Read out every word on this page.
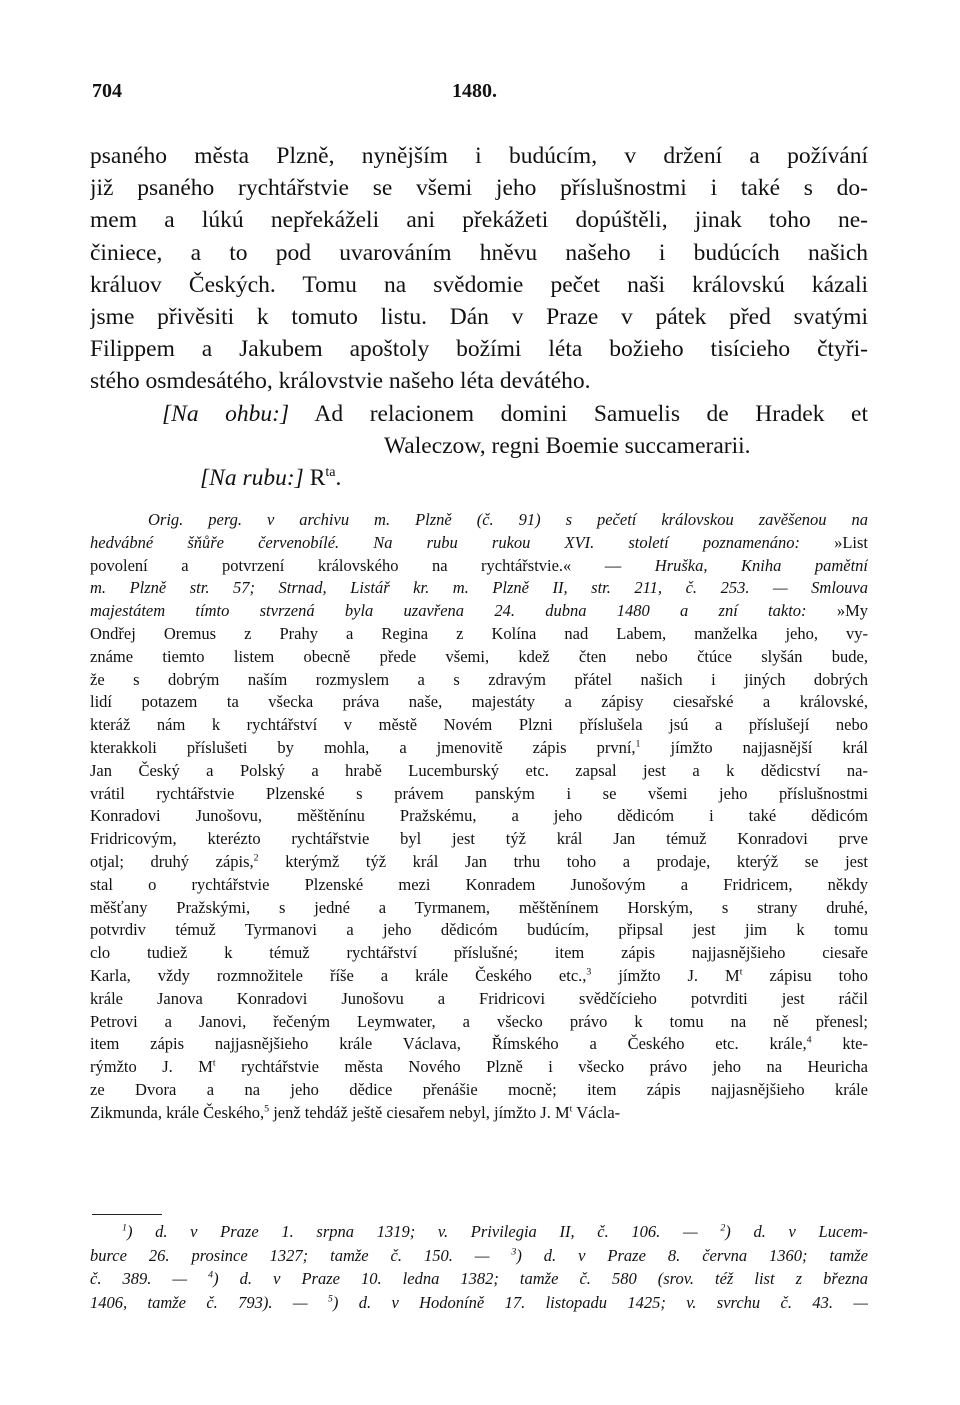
704	1480.
psaného města Plzně, nynějším i budúcím, v držení a požívání
již psaného rychtářstvie se všemi jeho příslušnostmi i také s do-
mem a lúkú nepřekáželi ani překážeti dopúštěli, jinak toho ne-
činiece, a to pod uvarováním hněvu našeho i budúcích našich
králuov Českých. Tomu na svědomie pečet naši královskú kázali
jsme přivěsiti k tomuto listu. Dán v Praze v pátek před svatými
Filippem a Jakubem apoštoly božími léta božieho tisícieho čtyři-
stého osmdesátého, královstvie našeho léta devátého.
[Na ohbu:] Ad relacionem domini Samuelis de Hradek et
Waleczow, regni Boemie succamerarii.
[Na rubu:] $R^{ta}$.
Orig. perg. v archivu m. Plzně (č. 91) s pečetí královskou zavěšenou na
hedvábné šňůře červenobílé. Na rubu rukou XVI. století poznamenáno: »List
povolení a potvrzení královského na rychtářstvie.« — Hruška, Kniha pamětní
m. Plzně str. 57; Strnad, Listář kr. m. Plzně II, str. 211, č. 253. — Smlouva
majestátem tímto stvrzená byla uzavřena 24. dubna 1480 a zní takto: »My
Ondřej Oremus z Prahy a Regina z Kolína nad Labem, manželka jeho, vy-
známe tiemto listem obecně přede všemi, kdež čten nebo čtúce slyšán bude,
že s dobrým naším rozmyslem a s zdravým přátel našich i jiných dobrých
lidí potazem ta všecka práva naše, majestáty a zápisy ciesařské a královské,
kteráž nám k rychtářství v městě Novém Plzni příslušela jsú a příslušejí nebo
kterakkoli příslušeti by mohla, a jmenovitě zápis první,$^1$ jímžto najjasnější král
Jan Český a Polský a hrabě Lucemburský etc. zapsal jest a k dědicství na-
vrátil rychtářstvie Plzenské s právem panským i se všemi jeho příslušnostmi
Konradovi Junošovu, měštěnínu Pražskému, a jeho dědicóm i také dědicóm
Fridricovým, kterézto rychtářstvie byl jest týž král Jan témuž Konradovi prve
otjal; druhý zápis,$^2$ kterýmž týž král Jan trhu toho a prodaje, kterýž se jest
stal o rychtářstvie Plzenské mezi Konradem Junošovým a Fridricem, někdy
měšťany Pražskými, s jedné a Tyrmanem, měštěnínem Horským, s strany druhé,
potvrdiv témuž Tyrmanovi a jeho dědicóm budúcím, připsal jest jim k tomu
clo tudiež k témuž rychtářství příslušné; item zápis najjasnějšieho ciesaře
Karla, vždy rozmnožitele říše a krále Českého etc.,$^3$ jímžto J. $M^t$ zápisu toho
krále Janova Konradovi Junošovu a Fridricovi svědčícieho potvrditi jest ráčil
Petrovi a Janovi, řečeným Leymwater, a všecko právo k tomu na ně přenesl;
item zápis najjasnějšieho krále Václava, Římského a Českého etc. krále,$^4$ kte-
rýmžto J. $M^t$ rychtářstvie města Nového Plzně i všecko právo jeho na Heuricha
ze Dvora a na jeho dědice přenášie mocně; item zápis najjasnějšieho krále
Zikmunda, krále Českého,$^5$ jenž tehdáž ještě ciesařem nebyl, jímžto J. $M^t$ Václa-
$^1$) d. v Praze 1. srpna 1319; v. Privilegia II, č. 106. — $^2$) d. v Lucem-
burce 26. prosince 1327; tamže č. 150. — $^3$) d. v Praze 8. června 1360; tamže
č. 389. — $^4$) d. v Praze 10. ledna 1382; tamže č. 580 (srov. též list z března
1406, tamže č. 793). — $^5$) d. v Hodoníně 17. listopadu 1425; v. svrchu č. 43. —
